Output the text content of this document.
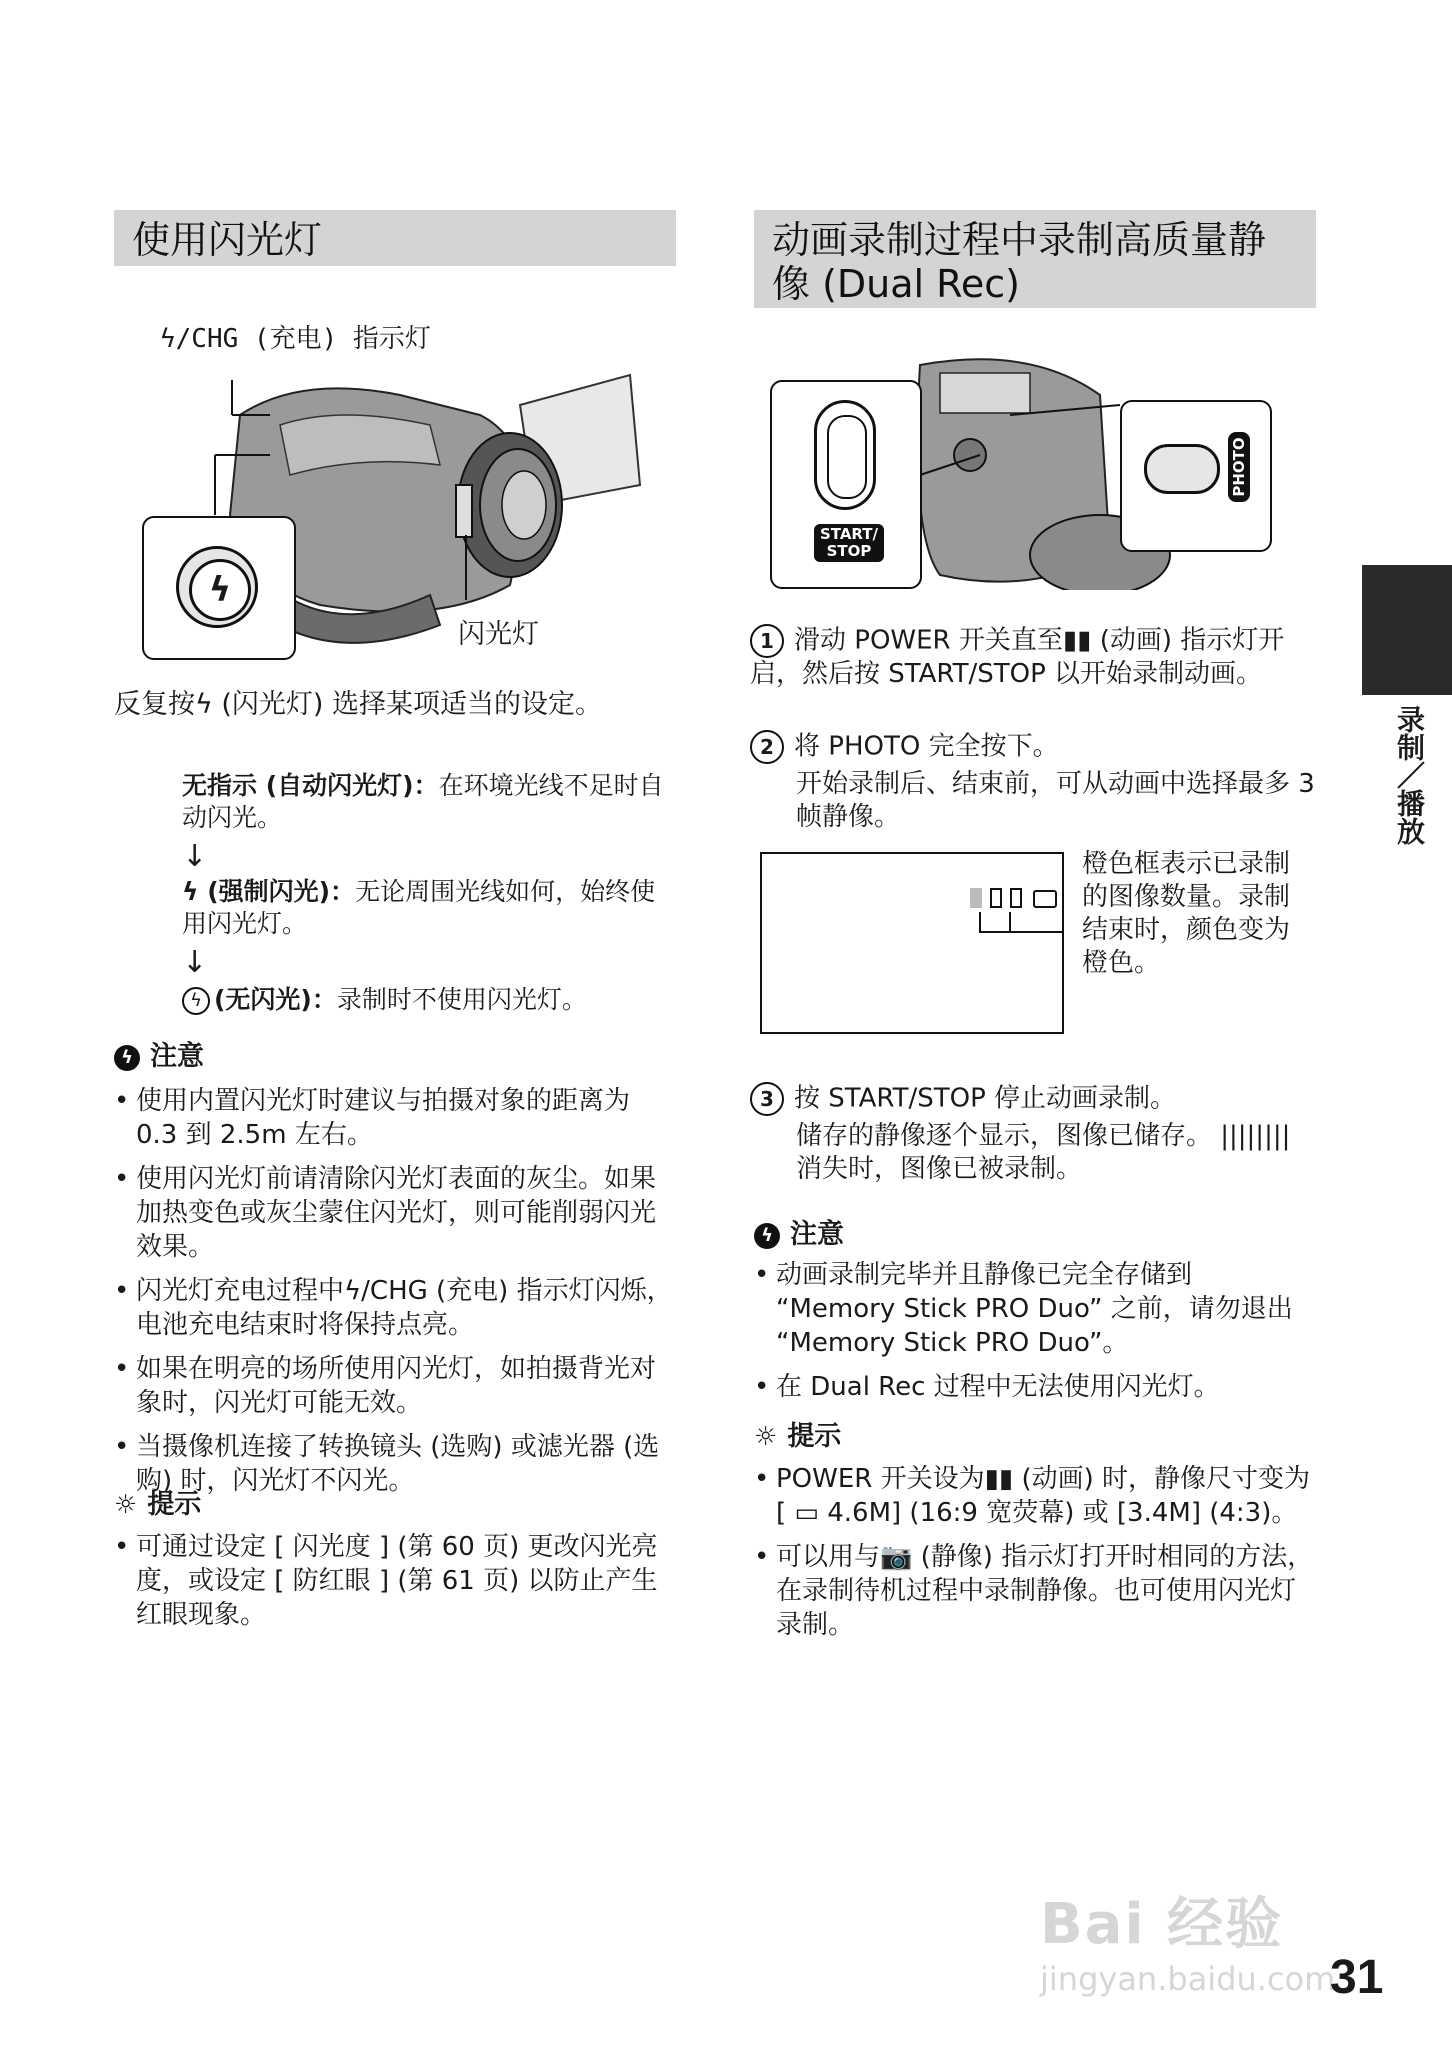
使用闪光灯
ϟ/CHG (充电) 指示灯
ϟ
闪光灯
反复按ϟ (闪光灯) 选择某项适当的设定。
无指示 (自动闪光灯)：在环境光线不足时自动闪光。
↓
ϟ (强制闪光)：无论周围光线如何，始终使用闪光灯。
↓
ϟ (无闪光)：录制时不使用闪光灯。
ϟ 注意
• 使用内置闪光灯时建议与拍摄对象的距离为 0.3 到 2.5m 左右。
• 使用闪光灯前请清除闪光灯表面的灰尘。如果加热变色或灰尘蒙住闪光灯，则可能削弱闪光效果。
• 闪光灯充电过程中ϟ/CHG (充电) 指示灯闪烁，电池充电结束时将保持点亮。
• 如果在明亮的场所使用闪光灯，如拍摄背光对象时，闪光灯可能无效。
• 当摄像机连接了转换镜头 (选购) 或滤光器 (选购) 时，闪光灯不闪光。
☼ 提示
• 可通过设定 [ 闪光度 ] (第 60 页) 更改闪光亮度，或设定 [ 防红眼 ] (第 61 页) 以防止产生红眼现象。
动画录制过程中录制高质量静像 (Dual Rec)
START/ STOP
PHOTO
1 滑动 POWER 开关直至▮▮ (动画) 指示灯开启，然后按 START/STOP 以开始录制动画。
2 将 PHOTO 完全按下。
开始录制后、结束前，可从动画中选择最多 3 帧静像。

橙色框表示已录制的图像数量。录制结束时，颜色变为橙色。
3 按 START/STOP 停止动画录制。
储存的静像逐个显示，图像已储存。 ||||||||消失时，图像已被录制。
ϟ 注意
• 动画录制完毕并且静像已完全存储到 “Memory Stick PRO Duo” 之前，请勿退出 “Memory Stick PRO Duo”。
• 在 Dual Rec 过程中无法使用闪光灯。
☼ 提示
• POWER 开关设为▮▮ (动画) 时，静像尺寸变为 [ ▭ 4.6M] (16:9 宽荧幕) 或 [3.4M] (4:3)。
• 可以用与📷 (静像) 指示灯打开时相同的方法，在录制待机过程中录制静像。也可使用闪光灯录制。
录制／播放
Bai 经验
jingyan.baidu.com
31
